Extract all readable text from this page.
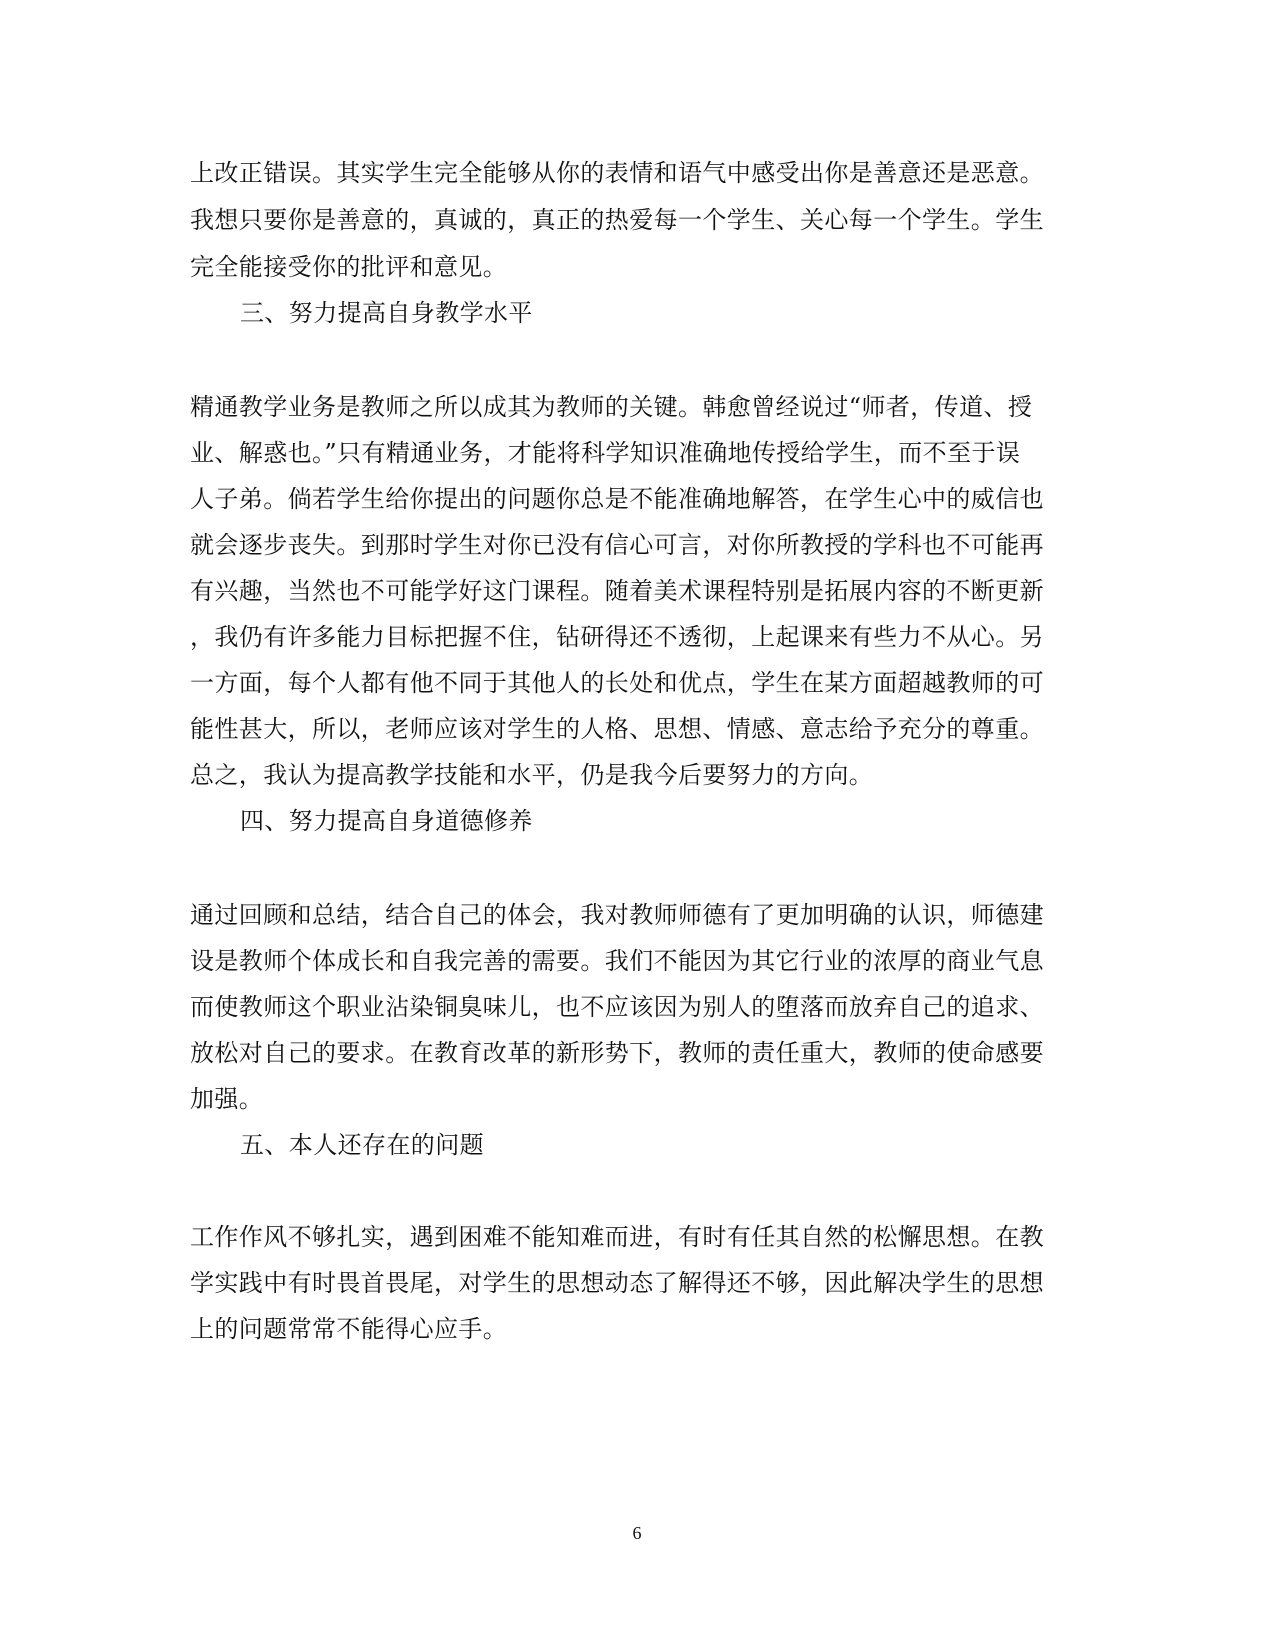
上改正错误。其实学生完全能够从你的表情和语气中感受出你是善意还是恶意。
我想只要你是善意的，真诚的，真正的热爱每一个学生、关心每一个学生。学生
完全能接受你的批评和意见。
三、努力提高自身教学水平
精通教学业务是教师之所以成其为教师的关键。韩愈曾经说过“师者，传道、授
业、解惑也。”只有精通业务，才能将科学知识准确地传授给学生，而不至于误
人子弟。倘若学生给你提出的问题你总是不能准确地解答，在学生心中的威信也
就会逐步丧失。到那时学生对你已没有信心可言，对你所教授的学科也不可能再
有兴趣，当然也不可能学好这门课程。随着美术课程特别是拓展内容的不断更新
，我仍有许多能力目标把握不住，钻研得还不透彻，上起课来有些力不从心。另
一方面，每个人都有他不同于其他人的长处和优点，学生在某方面超越教师的可
能性甚大，所以，老师应该对学生的人格、思想、情感、意志给予充分的尊重。
总之，我认为提高教学技能和水平，仍是我今后要努力的方向。
四、努力提高自身道德修养
通过回顾和总结，结合自己的体会，我对教师师德有了更加明确的认识，师德建
设是教师个体成长和自我完善的需要。我们不能因为其它行业的浓厚的商业气息
而使教师这个职业沾染铜臭味儿，也不应该因为别人的堕落而放弃自己的追求、
放松对自己的要求。在教育改革的新形势下，教师的责任重大，教师的使命感要
加强。
五、本人还存在的问题
工作作风不够扎实，遇到困难不能知难而进，有时有任其自然的松懈思想。在教
学实践中有时畏首畏尾，对学生的思想动态了解得还不够，因此解决学生的思想
上的问题常常不能得心应手。
6
